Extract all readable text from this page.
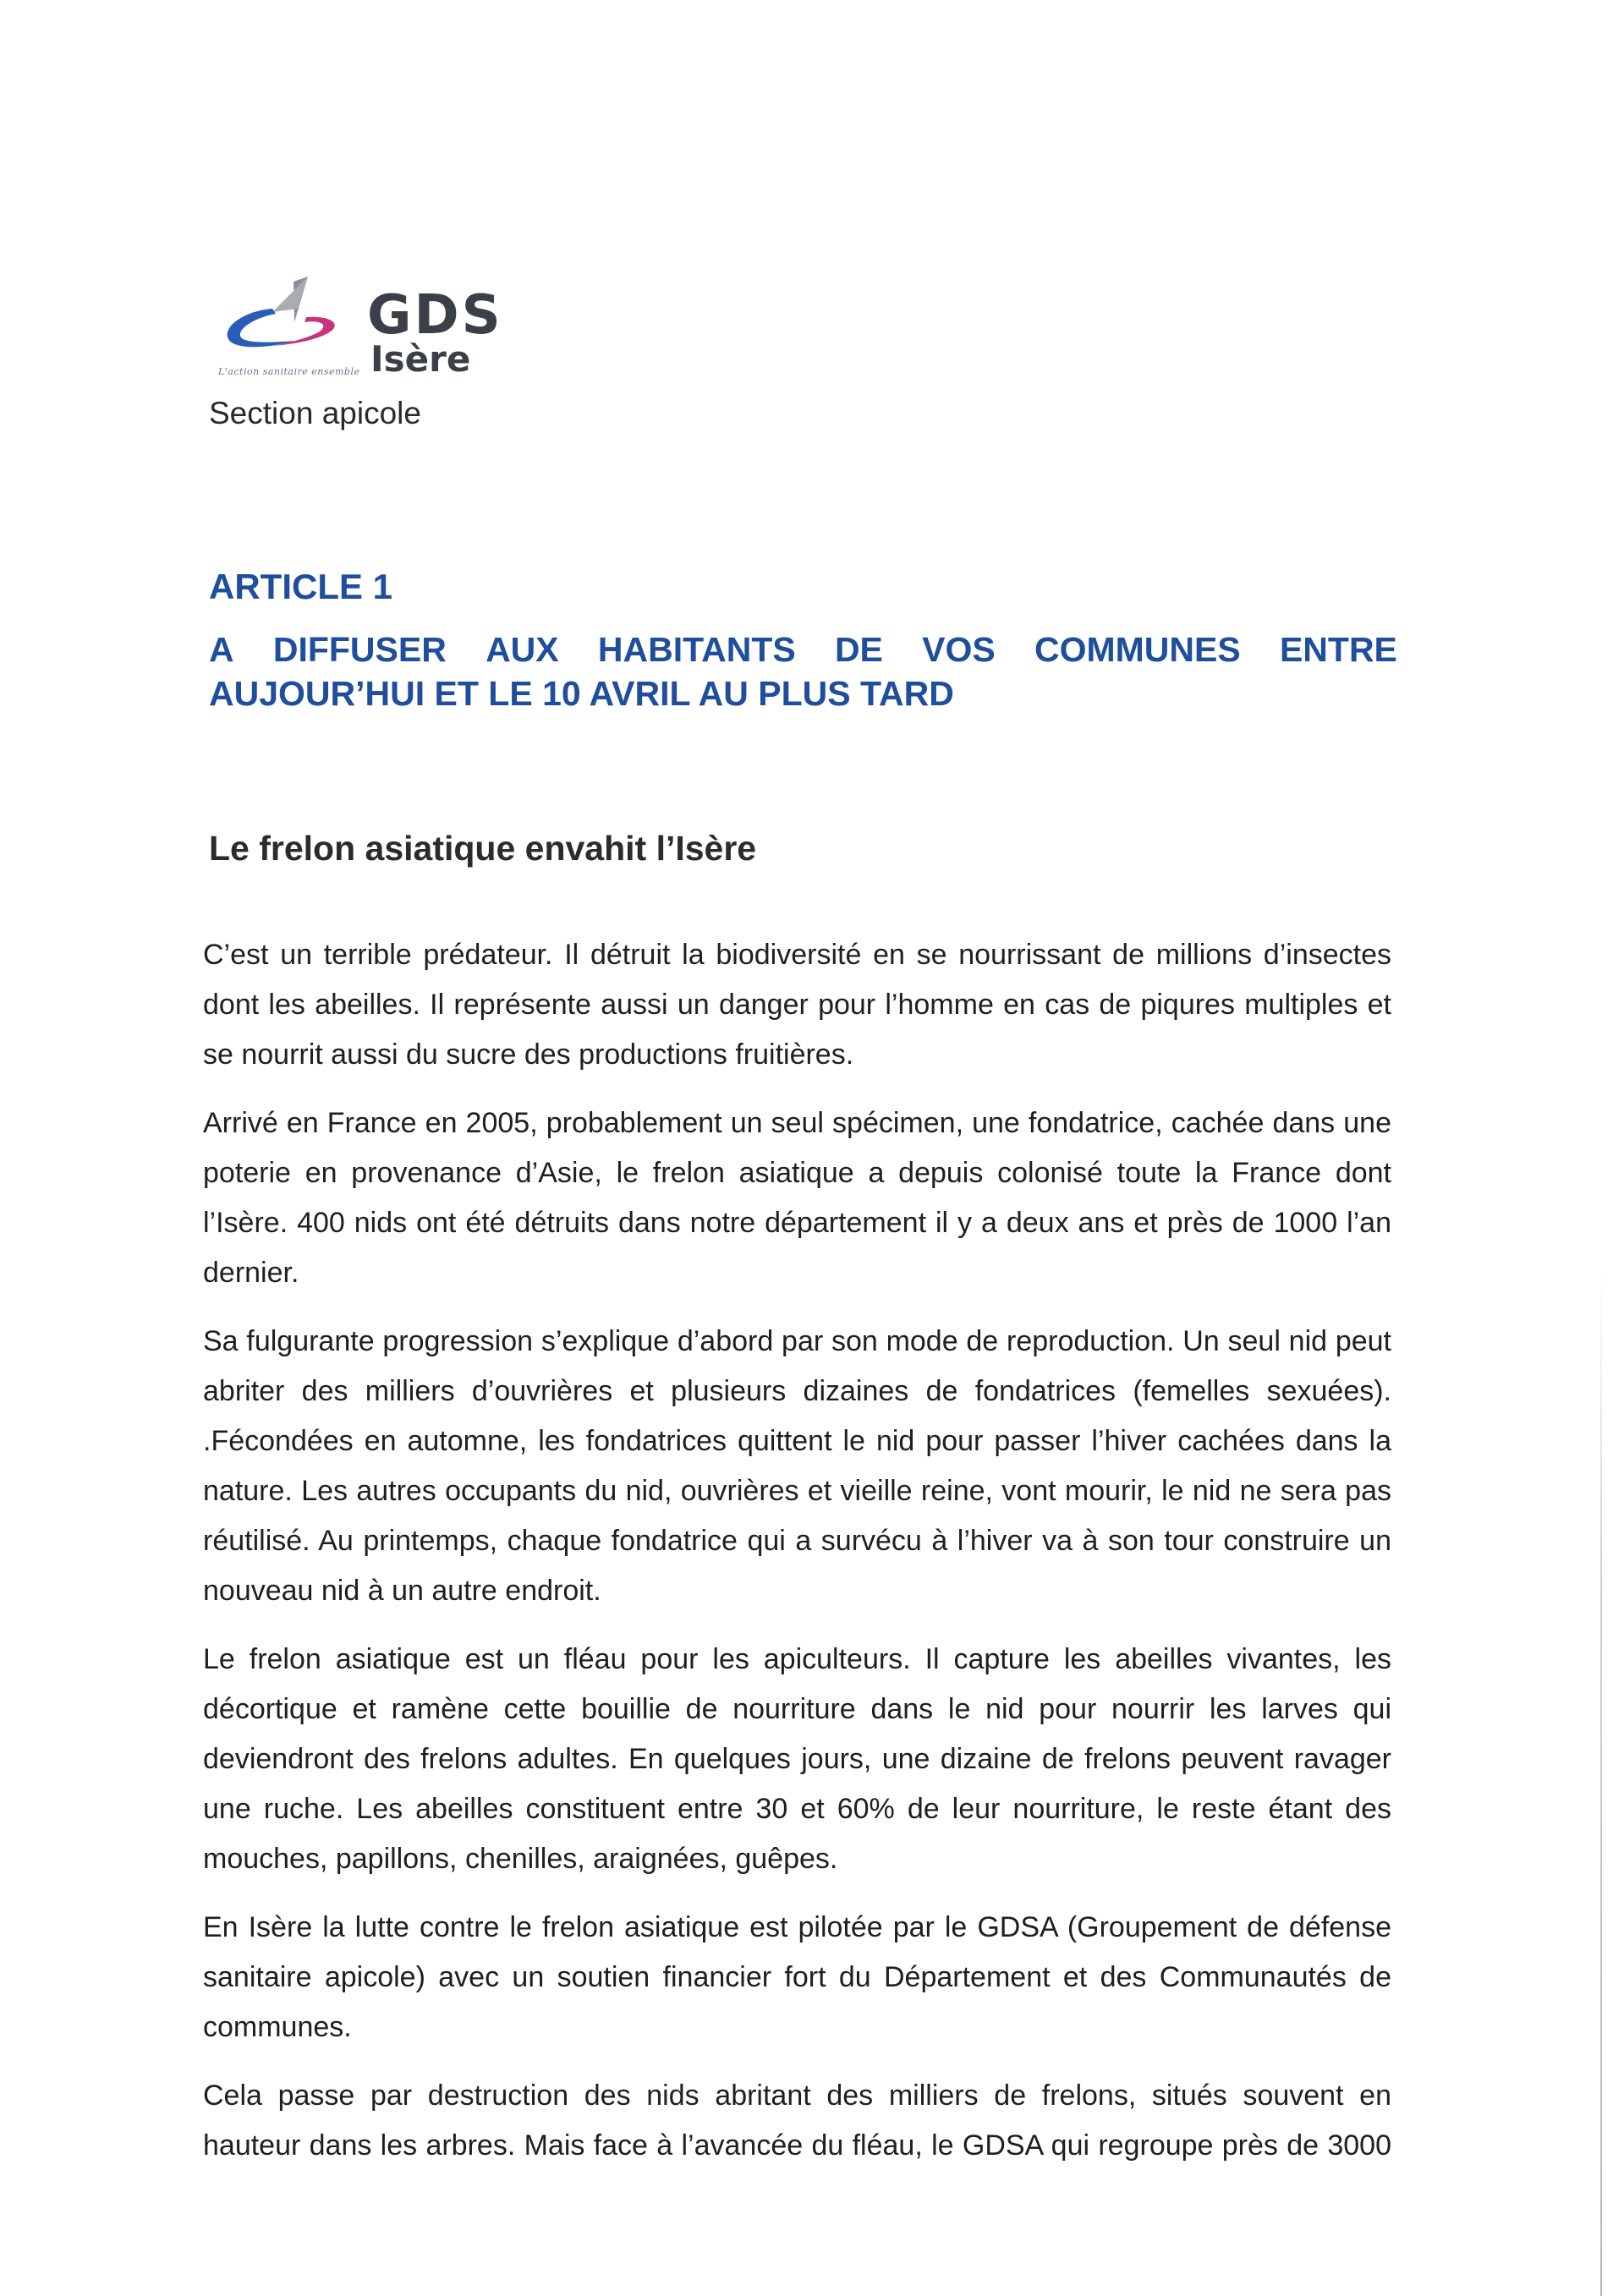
GDS
Isère
L'action sanitaire ensemble
Section apicole
ARTICLE 1
A DIFFUSER AUX HABITANTS DE VOS COMMUNES ENTRE
AUJOUR’HUI ET LE 10 AVRIL AU PLUS TARD
Le frelon asiatique envahit l’Isère

C’est un terrible prédateur. Il détruit la biodiversité en se nourrissant de millions d’insectes
dont les abeilles. Il représente aussi un danger pour l’homme en cas de piqures multiples et
se nourrit aussi du sucre des productions fruitières.

Arrivé en France en 2005, probablement un seul spécimen, une fondatrice, cachée dans une
poterie en provenance d’Asie, le frelon asiatique a depuis colonisé toute la France dont
l’Isère. 400 nids ont été détruits dans notre département il y a deux ans et près de 1000 l’an
dernier.

Sa fulgurante progression s’explique d’abord par son mode de reproduction. Un seul nid peut
abriter des milliers d’ouvrières et plusieurs dizaines de fondatrices (femelles sexuées).
.Fécondées en automne, les fondatrices quittent le nid pour passer l’hiver cachées dans la
nature. Les autres occupants du nid, ouvrières et vieille reine, vont mourir, le nid ne sera pas
réutilisé. Au printemps, chaque fondatrice qui a survécu à l’hiver va à son tour construire un
nouveau nid à un autre endroit.

Le frelon asiatique est un fléau pour les apiculteurs. Il capture les abeilles vivantes, les
décortique et ramène cette bouillie de nourriture dans le nid pour nourrir les larves qui
deviendront des frelons adultes. En quelques jours, une dizaine de frelons peuvent ravager
une ruche. Les abeilles constituent entre 30 et 60% de leur nourriture, le reste étant des
mouches, papillons, chenilles, araignées, guêpes.

En Isère la lutte contre le frelon asiatique est pilotée par le GDSA (Groupement de défense
sanitaire apicole) avec un soutien financier fort du Département et des Communautés de
communes.

Cela passe par destruction des nids abritant des milliers de frelons, situés souvent en
hauteur dans les arbres. Mais face à l’avancée du fléau, le GDSA qui regroupe près de 3000
